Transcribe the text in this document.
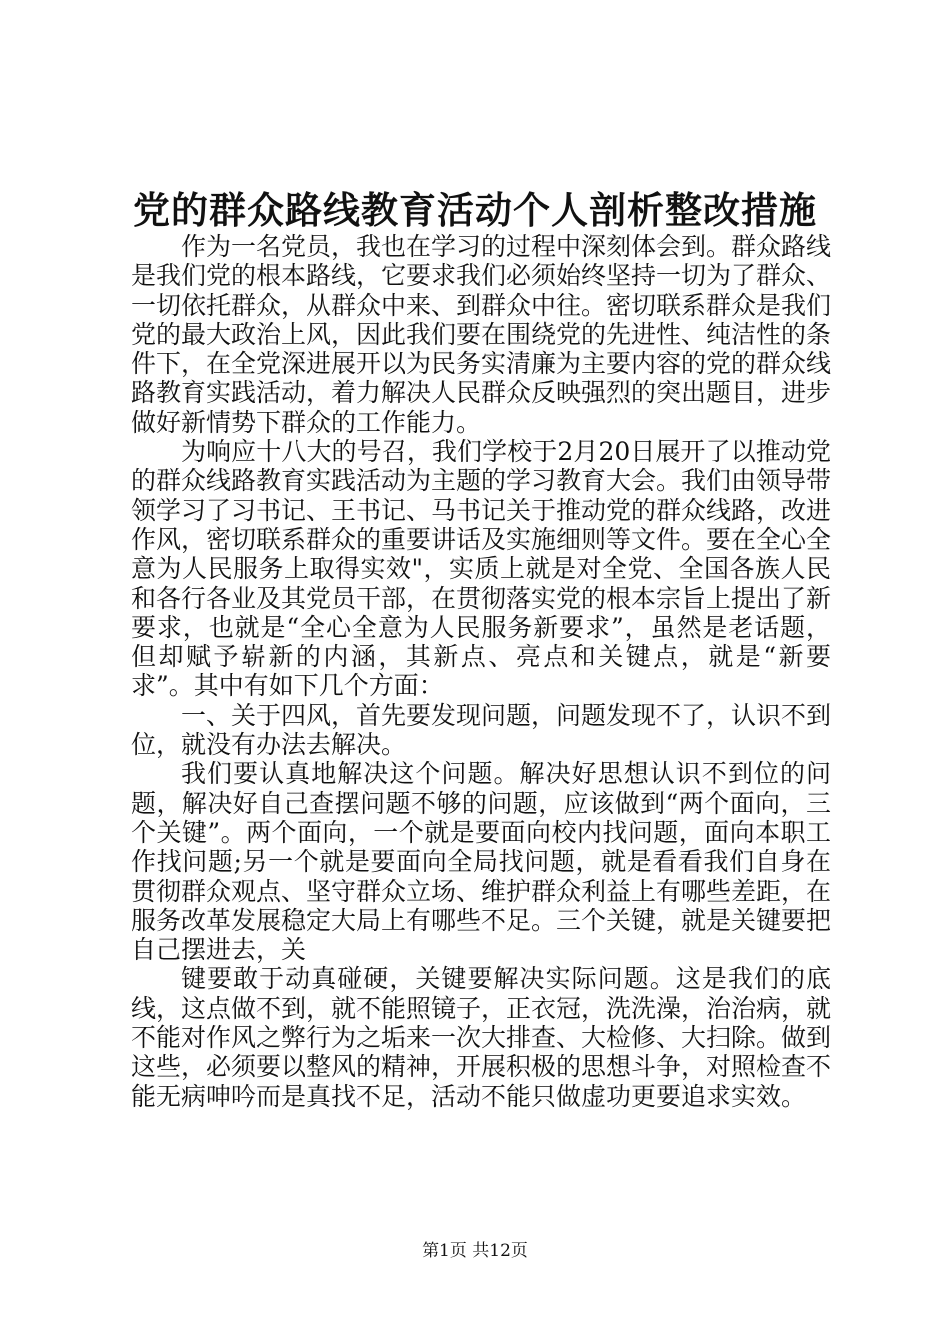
党的群众路线教育活动个人剖析整改措施

作为一名党员，我也在学习的过程中深刻体会到。群众路线是我们党的根本路线，它要求我们必须始终坚持一切为了群众、一切依托群众，从群众中来、到群众中往。密切联系群众是我们党的最大政治上风，因此我们要在围绕党的先进性、纯洁性的条件下，在全党深进展开以为民务实清廉为主要内容的党的群众线路教育实践活动，着力解决人民群众反映强烈的突出题目，进步做好新情势下群众的工作能力。

为响应十八大的号召，我们学校于2月20日展开了以推动党的群众线路教育实践活动为主题的学习教育大会。我们由领导带领学习了习书记、王书记、马书记关于推动党的群众线路，改进作风，密切联系群众的重要讲话及实施细则等文件。要在全心全意为人民服务上取得实效"，实质上就是对全党、全国各族人民和各行各业及其党员干部，在贯彻落实党的根本宗旨上提出了新要求，也就是“全心全意为人民服务新要求”，虽然是老话题，但却赋予崭新的内涵，其新点、亮点和关键点，就是“新要求”。其中有如下几个方面：

一、关于四风，首先要发现问题，问题发现不了，认识不到位，就没有办法去解决。

我们要认真地解决这个问题。解决好思想认识不到位的问题，解决好自己查摆问题不够的问题，应该做到“两个面向，三个关键”。两个面向，一个就是要面向校内找问题，面向本职工作找问题;另一个就是要面向全局找问题，就是看看我们自身在贯彻群众观点、坚守群众立场、维护群众利益上有哪些差距，在服务改革发展稳定大局上有哪些不足。三个关键，就是关键要把自己摆进去，关

键要敢于动真碰硬，关键要解决实际问题。这是我们的底线，这点做不到，就不能照镜子，正衣冠，洗洗澡，治治病，就不能对作风之弊行为之垢来一次大排查、大检修、大扫除。做到这些，必须要以整风的精神，开展积极的思想斗争，对照检查不能无病呻吟而是真找不足，活动不能只做虚功更要追求实效。

第1页 共12页
